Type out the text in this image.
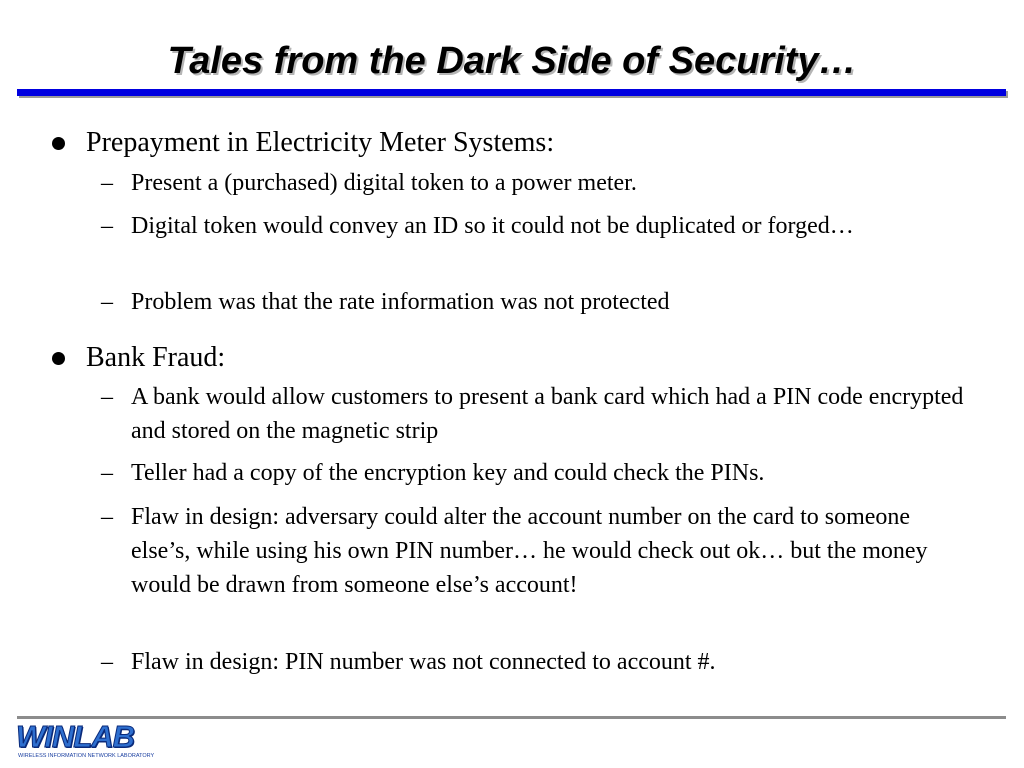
Tales from the Dark Side of Security…
Prepayment in Electricity Meter Systems:
– Present a (purchased) digital token to a power meter.
– Digital token would convey an ID so it could not be duplicated or forged…
– Problem was that the rate information was not protected
Bank Fraud:
– A bank would allow customers to present a bank card which had a PIN code encrypted and stored on the magnetic strip
– Teller had a copy of the encryption key and could check the PINs.
– Flaw in design: adversary could alter the account number on the card to someone else’s, while using his own PIN number… he would check out ok… but the money would be drawn from someone else’s account!
– Flaw in design: PIN number was not connected to account #.
WINLAB
WIRELESS INFORMATION NETWORK LABORATORY
